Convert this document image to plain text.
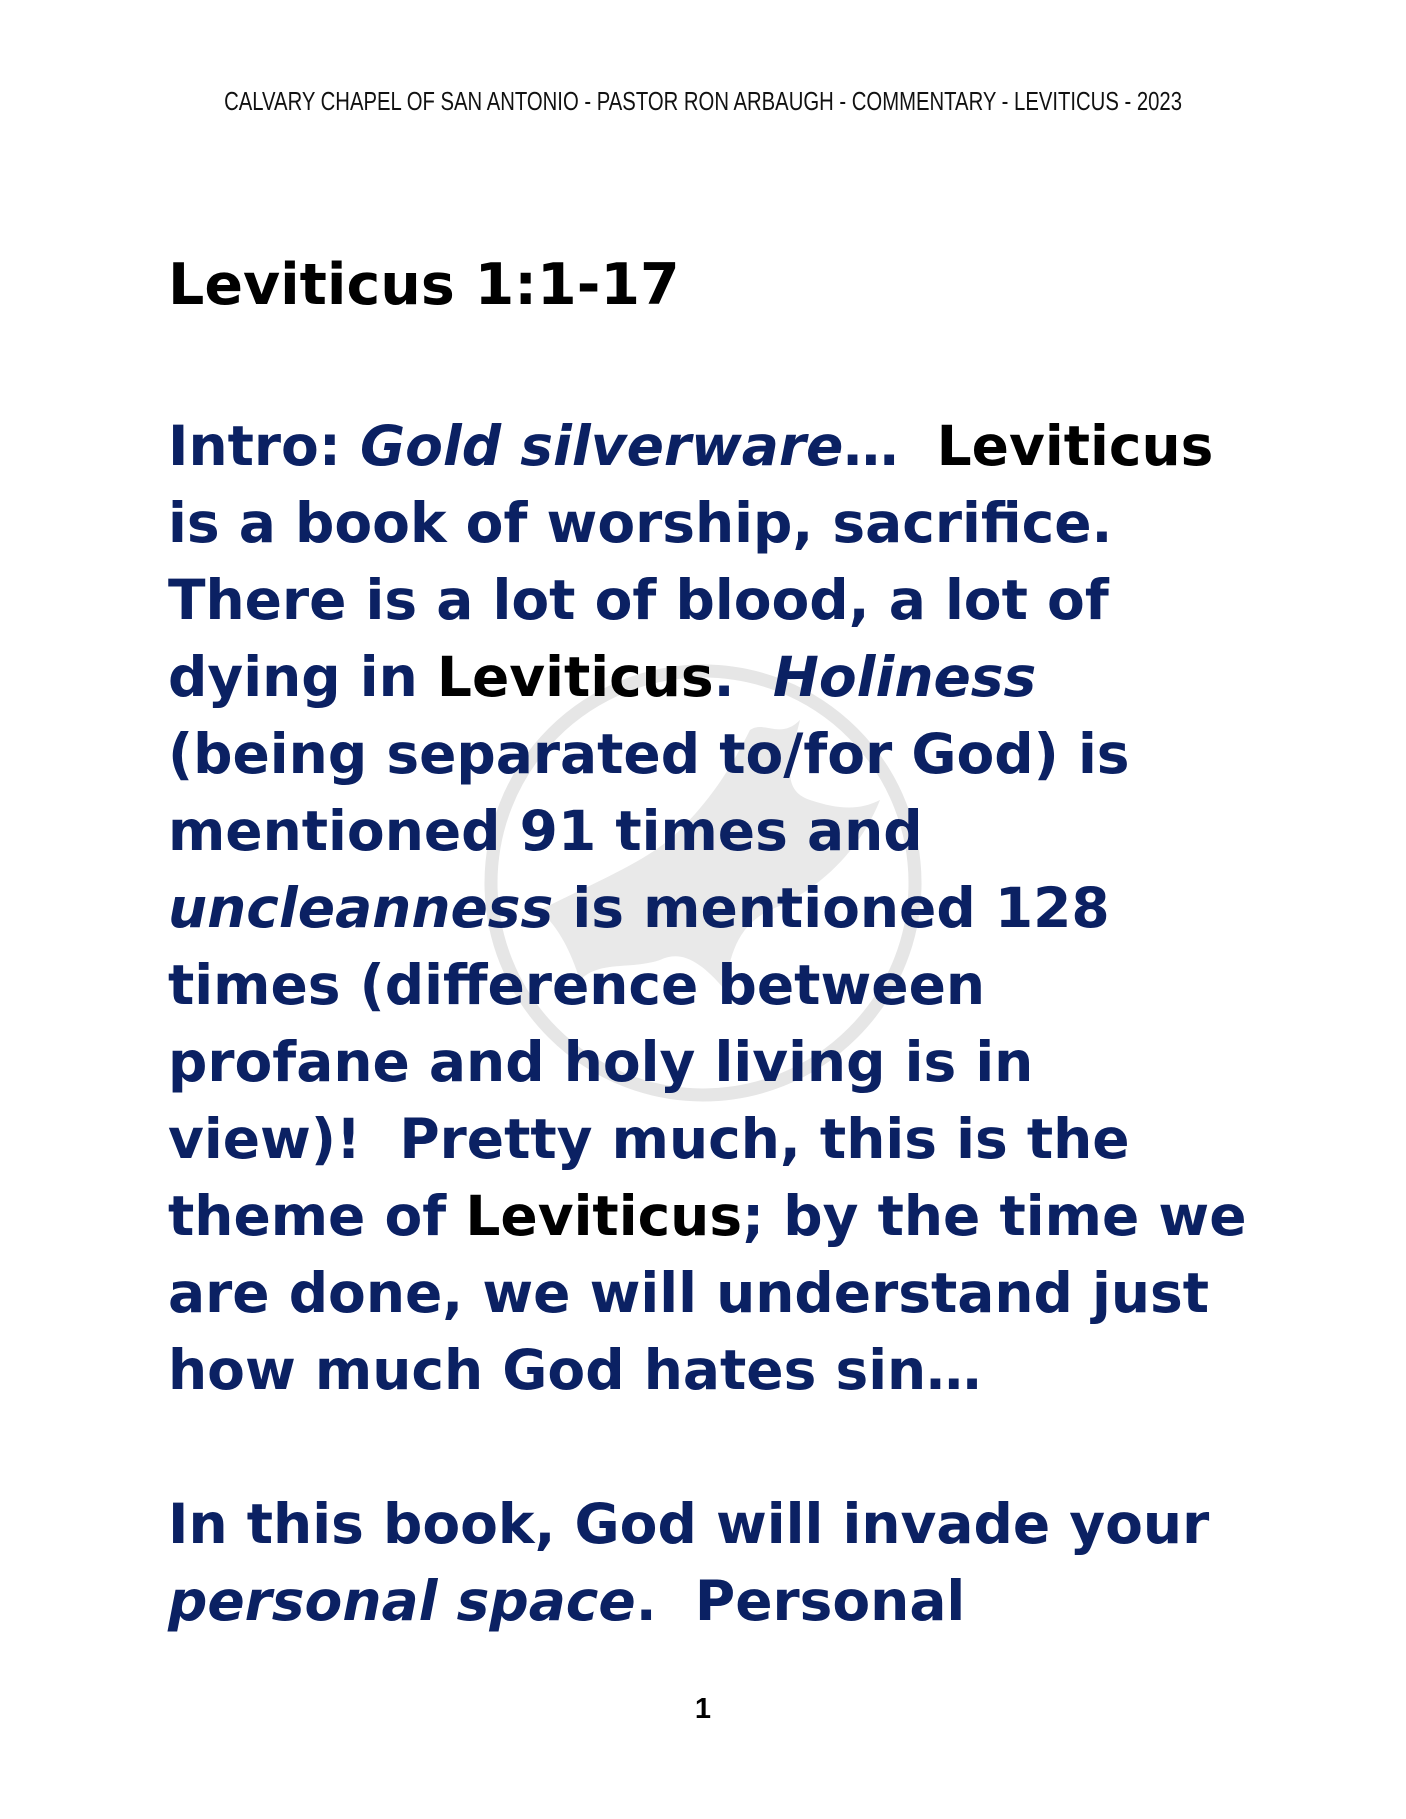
CALVARY CHAPEL OF SAN ANTONIO - PASTOR RON ARBAUGH - COMMENTARY - LEVITICUS - 2023
Leviticus 1:1-17
Intro: Gold silverware…  Leviticus
is a book of worship, sacrifice.
There is a lot of blood, a lot of
dying in Leviticus.  Holiness
(being separated to/for God) is
mentioned 91 times and
uncleanness is mentioned 128
times (difference between
profane and holy living is in
view)!  Pretty much, this is the
theme of Leviticus; by the time we
are done, we will understand just
how much God hates sin…
In this book, God will invade your
personal space.  Personal
1
